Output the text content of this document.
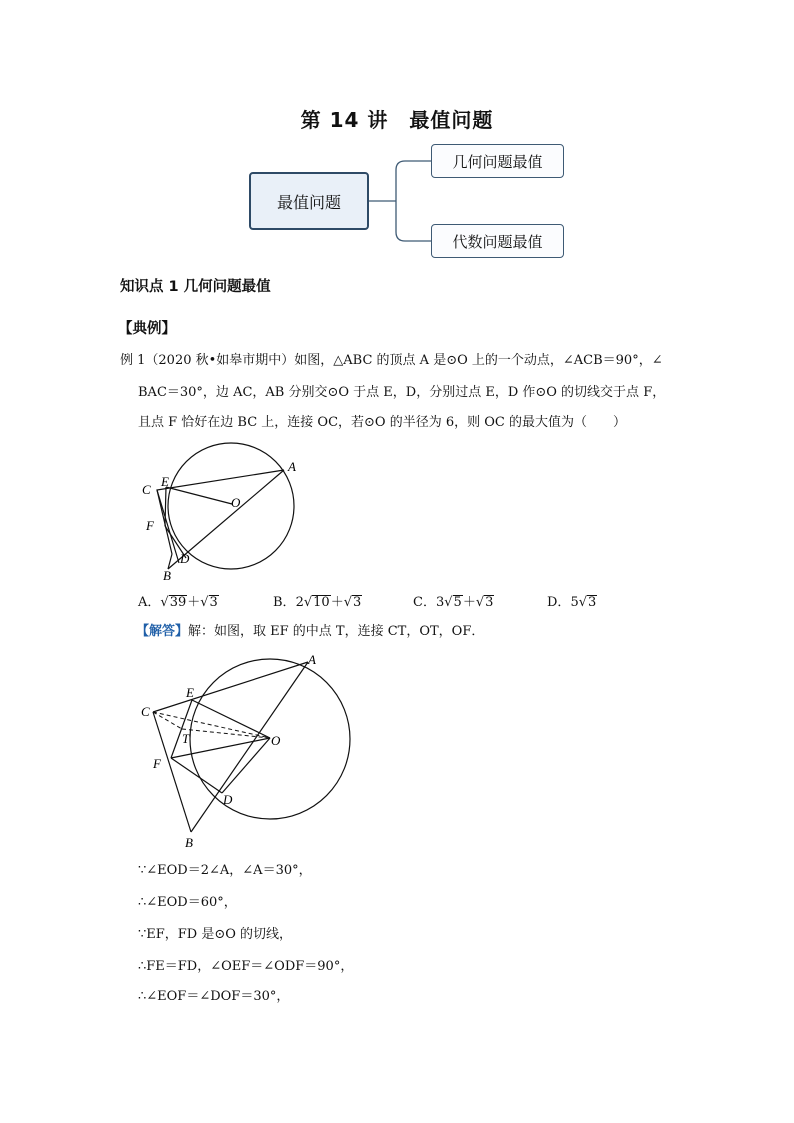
第 14 讲　最值问题
最值问题
几何问题最值
代数问题最值
知识点 1 几何问题最值
【典例】
例 1（2020 秋•如皋市期中）如图，△ABC 的顶点 A 是⊙O 上的一个动点，∠ACB＝90°，∠
BAC＝30°，边 AC，AB 分别交⊙O 于点 E，D，分别过点 E，D 作⊙O 的切线交于点 F，
且点 F 恰好在边 BC 上，连接 OC，若⊙O 的半径为 6，则 OC 的最大值为（　　）
A
C
E
O
F
D
B
A．√39＋√3	B．2√10＋√3	C．3√5＋√3	D．5√3
【解答】解：如图，取 EF 的中点 T，连接 CT，OT，OF．
A
C
E
T	O
F
D
B
∵∠EOD＝2∠A，∠A＝30°，
∴∠EOD＝60°，
∵EF，FD 是⊙O 的切线，
∴FE＝FD，∠OEF＝∠ODF＝90°，
∴∠EOF＝∠DOF＝30°，
